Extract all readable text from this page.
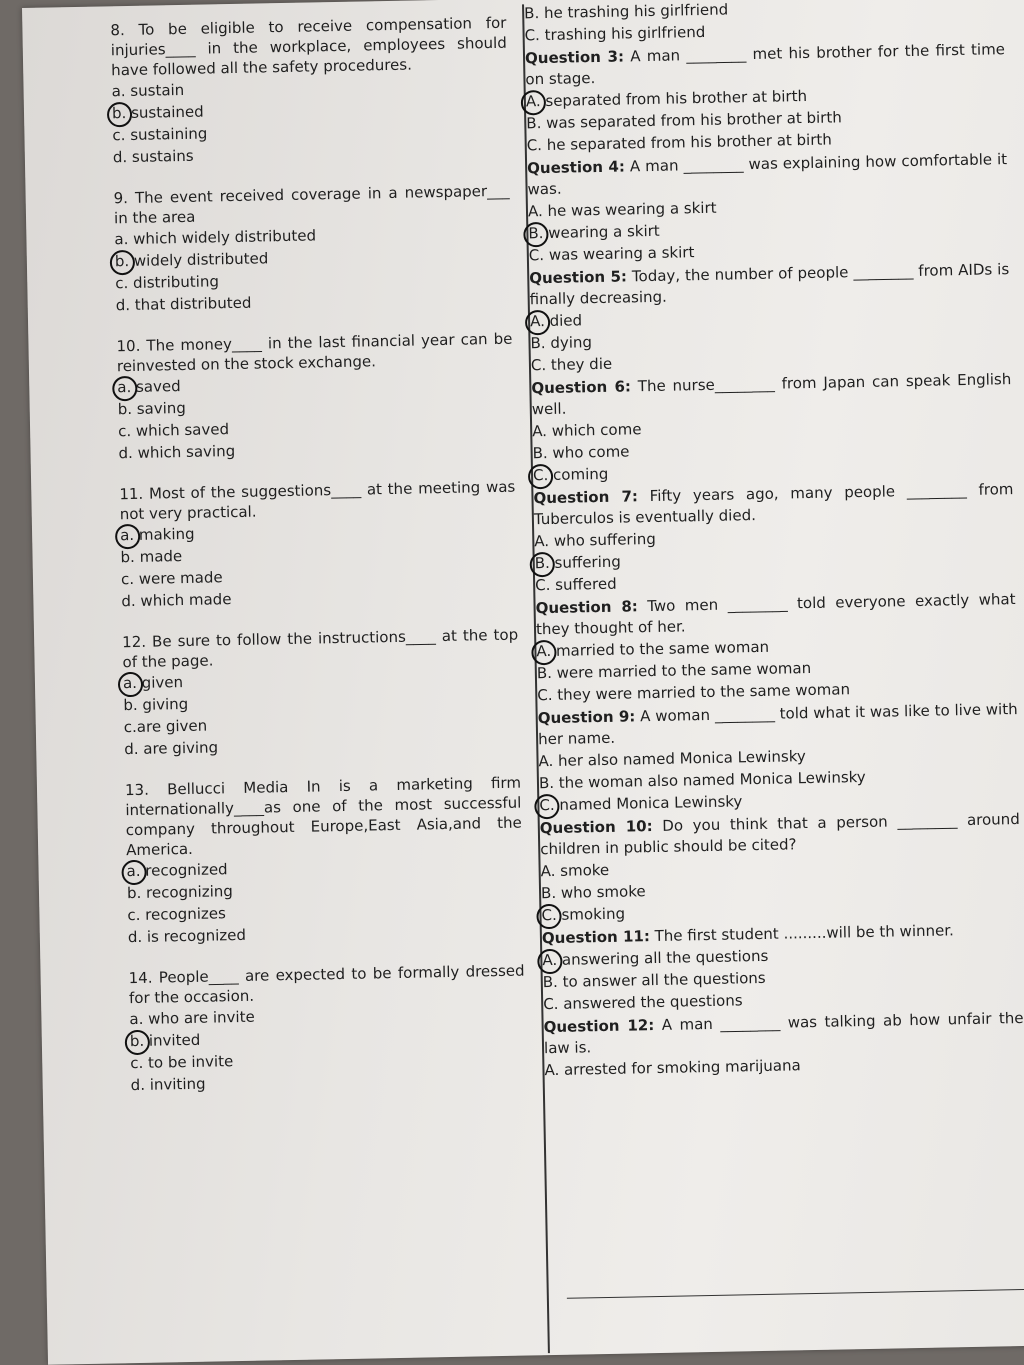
8. To be eligible to receive compensation for injuries____ in the workplace, employees should have followed all the safety procedures.
a. sustain
b. sustained
c. sustaining
d. sustains
9. The event received coverage in a newspaper___ in the area
a. which widely distributed
b. widely distributed
c. distributing
d. that distributed
10. The money____ in the last financial year can be reinvested on the stock exchange.
a. saved
b. saving
c. which saved
d. which saving
11. Most of the suggestions____ at the meeting was not very practical.
a. making
b. made
c. were made
d. which made
12. Be sure to follow the instructions____ at the top of the page.
a. given
b. giving
c.are given
d. are giving
13. Bellucci Media In is a marketing firm internationally____as one of the most successful company throughout Europe,East Asia,and the America.
a. recognized
b. recognizing
c. recognizes
d. is recognized
14. People____ are expected to be formally dressed for the occasion.
a. who are invite
b. invited
c. to be invite
d. inviting
B. he trashing his girlfriend
C. trashing his girlfriend
Question 3: A man ________ met his brother for the first time on stage.
A. separated from his brother at birth
B. was separated from his brother at birth
C. he separated from his brother at birth
Question 4: A man ________ was explaining how comfortable it was.
A. he was wearing a skirt
B. wearing a skirt
C. was wearing a skirt
Question 5: Today, the number of people ________ from AIDs is finally decreasing.
A. died
B. dying
C. they die
Question 6: The nurse________ from Japan can speak English well.
A. which come
B. who come
C. coming
Question 7: Fifty years ago, many people ________ from Tuberculos is eventually died.
A. who suffering
B. suffering
C. suffered
Question 8: Two men ________ told everyone exactly what they thought of her.
A. married to the same woman
B. were married to the same woman
C. they were married to the same woman
Question 9: A woman ________ told what it was like to live with her name.
A. her also named Monica Lewinsky
B. the woman also named Monica Lewinsky
C. named Monica Lewinsky
Question 10: Do you think that a person ________ around children in public should be cited?
A. smoke
B. who smoke
C. smoking
Question 11: The first student .........will be th winner.
A. answering all the questions
B. to answer all the questions
C. answered the questions
Question 12: A man ________ was talking ab how unfair the law is.
A. arrested for smoking marijuana
